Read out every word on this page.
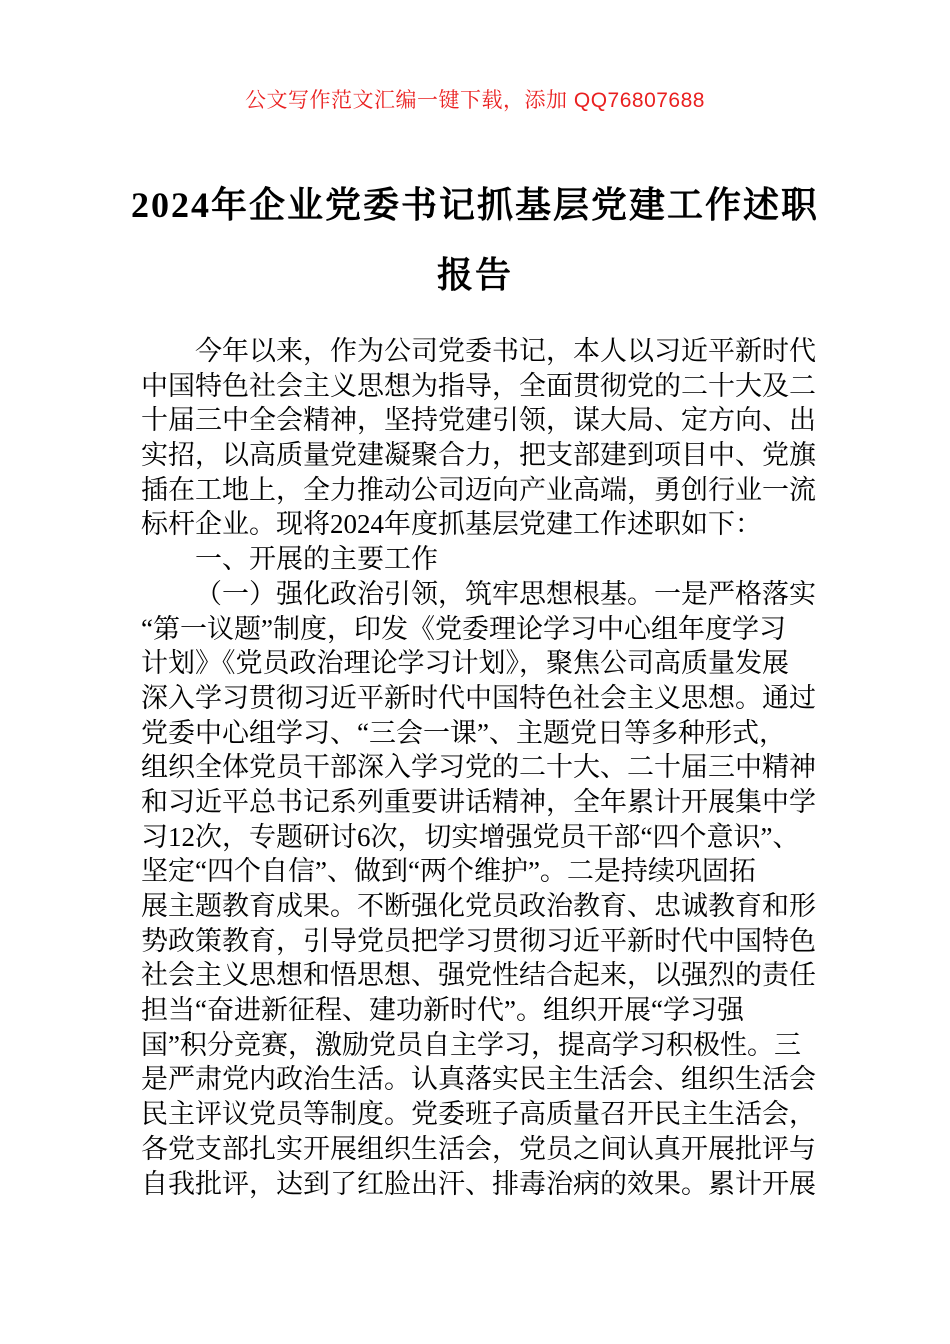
公文写作范文汇编一键下载，添加 QQ76807688
2024年企业党委书记抓基层党建工作述职
报告
今年以来，作为公司党委书记，本人以习近平新时代
中国特色社会主义思想为指导，全面贯彻党的二十大及二
十届三中全会精神，坚持党建引领，谋大局、定方向、出
实招，以高质量党建凝聚合力，把支部建到项目中、党旗
插在工地上，全力推动公司迈向产业高端，勇创行业一流
标杆企业。现将2024年度抓基层党建工作述职如下：
一、开展的主要工作
（一）强化政治引领，筑牢思想根基。一是严格落实
“第一议题”制度，印发《党委理论学习中心组年度学习
计划》《党员政治理论学习计划》，聚焦公司高质量发展
深入学习贯彻习近平新时代中国特色社会主义思想。通过
党委中心组学习、“三会一课”、主题党日等多种形式，
组织全体党员干部深入学习党的二十大、二十届三中精神
和习近平总书记系列重要讲话精神，全年累计开展集中学
习12次，专题研讨6次，切实增强党员干部“四个意识”、
坚定“四个自信”、做到“两个维护”。二是持续巩固拓
展主题教育成果。不断强化党员政治教育、忠诚教育和形
势政策教育，引导党员把学习贯彻习近平新时代中国特色
社会主义思想和悟思想、强党性结合起来，以强烈的责任
担当“奋进新征程、建功新时代”。组织开展“学习强
国”积分竞赛，激励党员自主学习，提高学习积极性。三
是严肃党内政治生活。认真落实民主生活会、组织生活会
民主评议党员等制度。党委班子高质量召开民主生活会，
各党支部扎实开展组织生活会，党员之间认真开展批评与
自我批评，达到了红脸出汗、排毒治病的效果。累计开展
